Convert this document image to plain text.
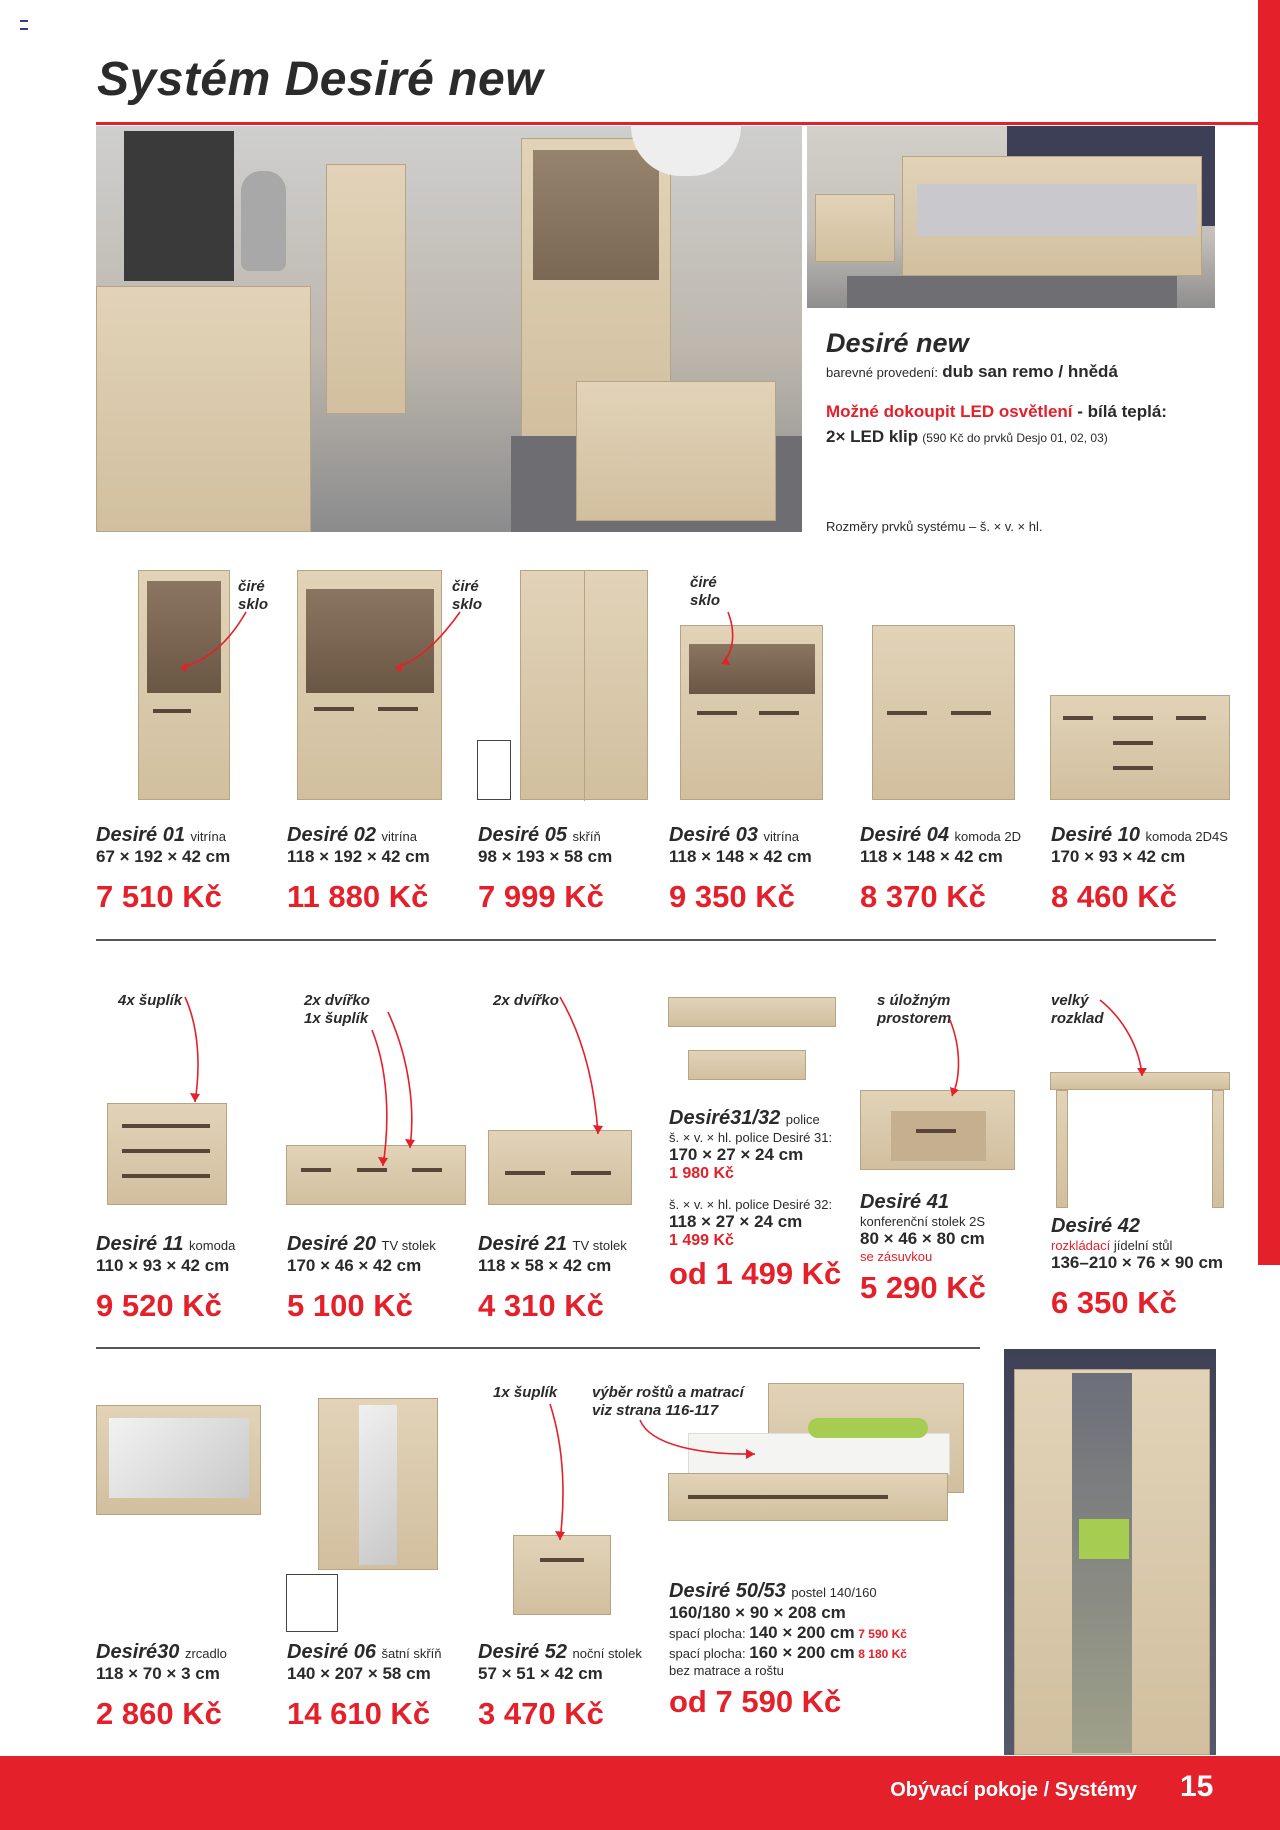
Systém Desiré new
Desiré new
barevné provedení: dub san remo / hnědá
Možné dokoupit LED osvětlení - bílá teplá:
2× LED klip (590 Kč do prvků Desjo 01, 02, 03)
Rozměry prvků systému – š. × v. × hl.
čiré
sklo
čiré
sklo
čiré
sklo
Desiré 01 vitrína
67 × 192 × 42 cm
7 510 Kč
Desiré 02 vitrína
118 × 192 × 42 cm
11 880 Kč
Desiré 05 skříň
98 × 193 × 58 cm
7 999 Kč
Desiré 03 vitrína
118 × 148 × 42 cm
9 350 Kč
Desiré 04 komoda 2D
118 × 148 × 42 cm
8 370 Kč
Desiré 10 komoda 2D4S
170 × 93 × 42 cm
8 460 Kč
4x šuplík	2x dvířko
1x šuplík
2x dvířko	s úložným
prostorem
velký
rozklad
Desiré 11 komoda
110 × 93 × 42 cm
9 520 Kč
Desiré 20 TV stolek
170 × 46 × 42 cm
5 100 Kč
Desiré 21 TV stolek
118 × 58 × 42 cm
4 310 Kč
Desiré31/32 police
š. × v. × hl. police Desiré 31:
170 × 27 × 24 cm
1 980 Kč
š. × v. × hl. police Desiré 32:
118 × 27 × 24 cm
1 499 Kč
od 1 499 Kč
Desiré 41
konferenční stolek 2S
80 × 46 × 80 cm
se zásuvkou
5 290 Kč
Desiré 42
rozkládací jídelní stůl
136–210 × 76 × 90 cm
6 350 Kč
1x šuplík výběr roštů a matrací
viz strana 116-117
Desiré30 zrcadlo
118 × 70 × 3 cm
2 860 Kč
Desiré 06 šatní skříň
140 × 207 × 58 cm
14 610 Kč
Desiré 52 noční stolek
57 × 51 × 42 cm
3 470 Kč
Desiré 50/53 postel 140/160
160/180 × 90 × 208 cm
spací plocha: 140 × 200 cm 7 590 Kč
spací plocha: 160 × 200 cm 8 180 Kč
bez matrace a roštu
od 7 590 Kč
Obývací pokoje / Systémy 15
